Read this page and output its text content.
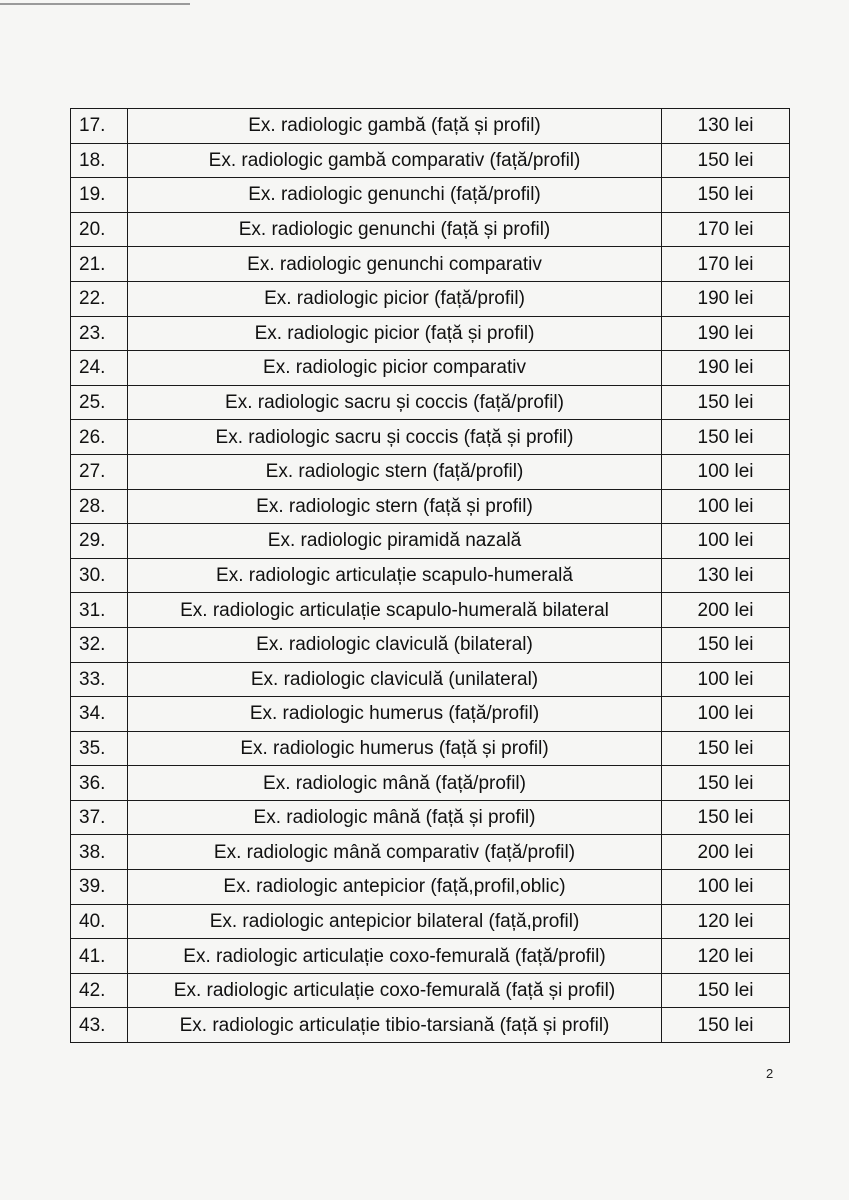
17.	Ex. radiologic gambă (față și profil)	130 lei
18.	Ex. radiologic gambă comparativ (față/profil)	150 lei
19.	Ex. radiologic genunchi (față/profil)	150 lei
20.	Ex. radiologic genunchi (față și profil)	170 lei
21.	Ex. radiologic genunchi comparativ	170 lei
22.	Ex. radiologic picior (față/profil)	190 lei
23.	Ex. radiologic picior (față și profil)	190 lei
24.	Ex. radiologic picior comparativ	190 lei
25.	Ex. radiologic sacru și coccis (față/profil)	150 lei
26.	Ex. radiologic sacru și coccis (față și profil)	150 lei
27.	Ex. radiologic stern (față/profil)	100 lei
28.	Ex. radiologic stern (față și profil)	100 lei
29.	Ex. radiologic piramidă nazală	100 lei
30.	Ex. radiologic articulație scapulo-humerală	130 lei
31.	Ex. radiologic articulație scapulo-humerală bilateral	200 lei
32.	Ex. radiologic claviculă (bilateral)	150 lei
33.	Ex. radiologic claviculă (unilateral)	100 lei
34.	Ex. radiologic humerus (față/profil)	100 lei
35.	Ex. radiologic humerus (față și profil)	150 lei
36.	Ex. radiologic mână (față/profil)	150 lei
37.	Ex. radiologic mână (față și profil)	150 lei
38.	Ex. radiologic mână comparativ (față/profil)	200 lei
39.	Ex. radiologic antepicior (față,profil,oblic)	100 lei
40.	Ex. radiologic antepicior bilateral (față,profil)	120 lei
41.	Ex. radiologic articulație coxo-femurală (față/profil)	120 lei
42.	Ex. radiologic articulație coxo-femurală (față și profil)	150 lei
43.	Ex. radiologic articulație tibio-tarsiană (față și profil)	150 lei
2
